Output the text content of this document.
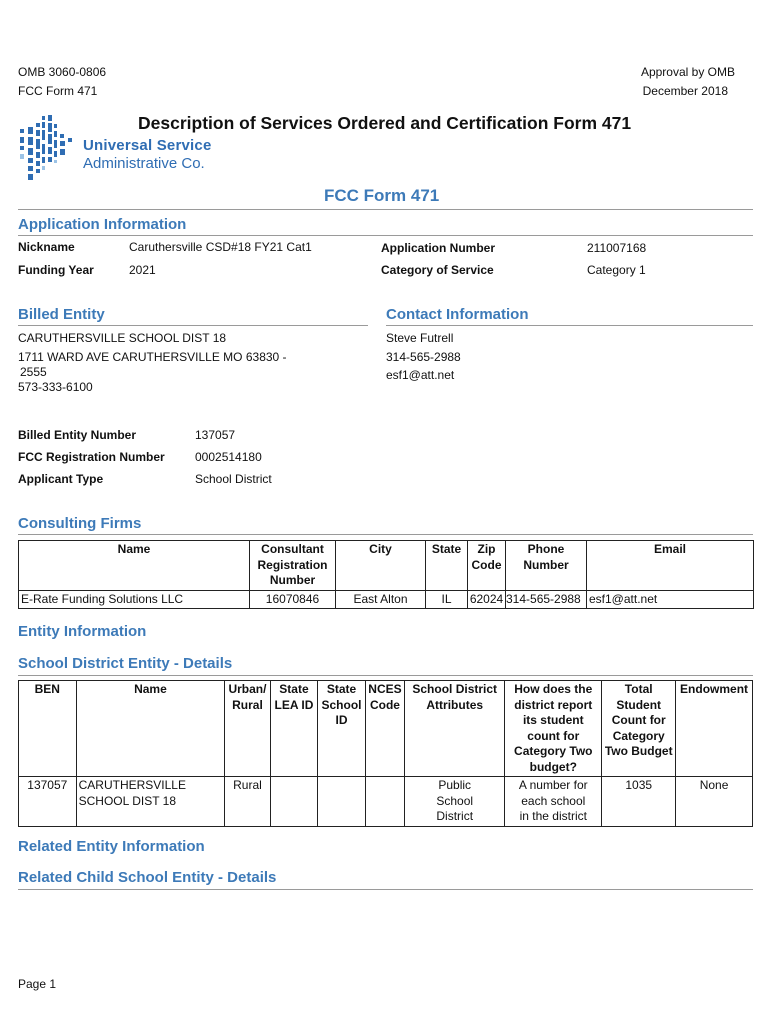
OMB 3060-0806
FCC Form 471
Approval by OMB
December 2018
Universal Service
Administrative Co.
Description of Services Ordered and Certification Form 471
FCC Form 471
Application Information
Nickname	Caruthersville CSD#18 FY21 Cat1	Application Number	211007168
Funding Year	2021	Category of Service	Category 1
Billed Entity
CARUTHERSVILLE SCHOOL DIST 18
1711 WARD AVE CARUTHERSVILLE MO 63830 -
2555
573-333-6100
Contact Information
Steve Futrell
314-565-2988
esf1@att.net
Billed Entity Number	137057
FCC Registration Number	0002514180
Applicant Type	School District
Consulting Firms
Name	Consultant Registration Number	City	State	Zip Code	Phone Number	Email
E-Rate Funding Solutions LLC	16070846	East Alton	IL	62024	314-565-2988	esf1@att.net
Entity Information
School District Entity - Details
BEN	Name	Urban/ Rural	State LEA ID	State School ID	NCES Code	School District Attributes	How does the district report its student count for Category Two budget?	Total Student Count for Category Two Budget	Endowment
137057	CARUTHERSVILLE SCHOOL DIST 18	Rural				Public School District	A number for each school in the district	1035	None
Related Entity Information
Related Child School Entity - Details
Page 1
